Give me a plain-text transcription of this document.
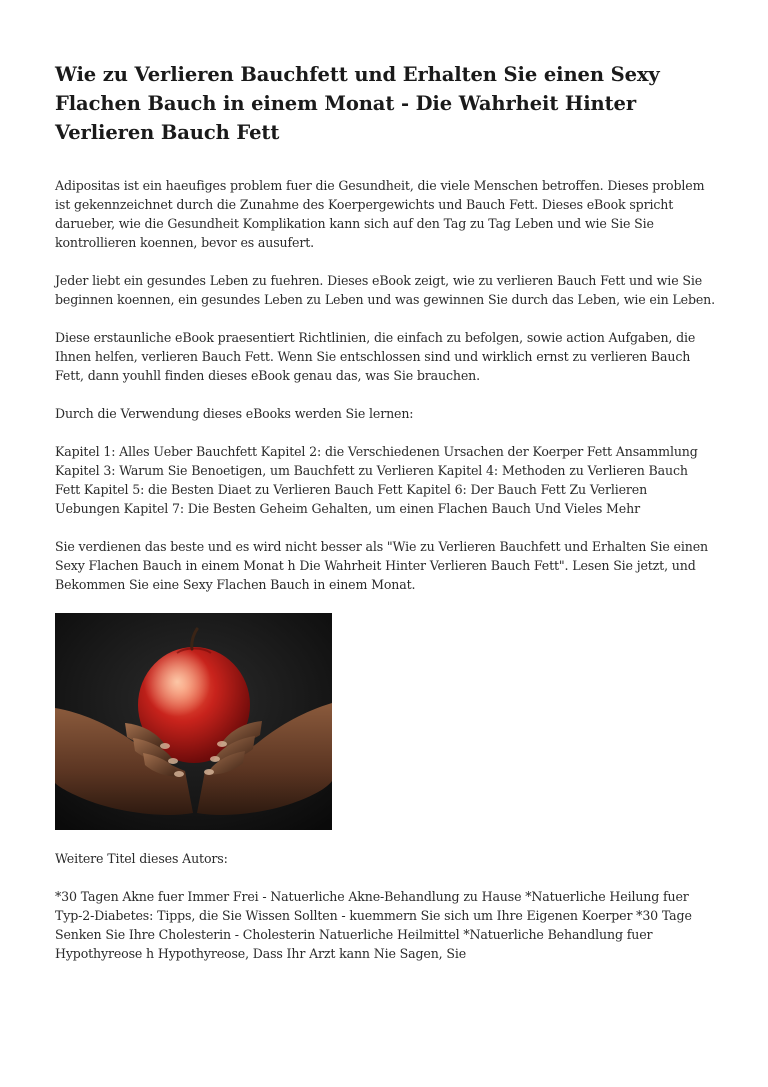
Wie zu Verlieren Bauchfett und Erhalten Sie einen Sexy Flachen Bauch in einem Monat - Die Wahrheit Hinter Verlieren Bauch Fett

Adipositas ist ein haeufiges problem fuer die Gesundheit, die viele Menschen betroffen. Dieses problem ist gekennzeichnet durch die Zunahme des Koerpergewichts und Bauch Fett. Dieses eBook spricht darueber, wie die Gesundheit Komplikation kann sich auf den Tag zu Tag Leben und wie Sie Sie kontrollieren koennen, bevor es ausufert.

Jeder liebt ein gesundes Leben zu fuehren. Dieses eBook zeigt, wie zu verlieren Bauch Fett und wie Sie beginnen koennen, ein gesundes Leben zu Leben und was gewinnen Sie durch das Leben, wie ein Leben.

Diese erstaunliche eBook praesentiert Richtlinien, die einfach zu befolgen, sowie action Aufgaben, die Ihnen helfen, verlieren Bauch Fett. Wenn Sie entschlossen sind und wirklich ernst zu verlieren Bauch Fett, dann youhll finden dieses eBook genau das, was Sie brauchen.

Durch die Verwendung dieses eBooks werden Sie lernen:

Kapitel 1: Alles Ueber Bauchfett Kapitel 2: die Verschiedenen Ursachen der Koerper Fett Ansammlung Kapitel 3: Warum Sie Benoetigen, um Bauchfett zu Verlieren Kapitel 4: Methoden zu Verlieren Bauch Fett Kapitel 5: die Besten Diaet zu Verlieren Bauch Fett Kapitel 6: Der Bauch Fett Zu Verlieren Uebungen Kapitel 7: Die Besten Geheim Gehalten, um einen Flachen Bauch Und Vieles Mehr

Sie verdienen das beste und es wird nicht besser als "Wie zu Verlieren Bauchfett und Erhalten Sie einen Sexy Flachen Bauch in einem Monat h Die Wahrheit Hinter Verlieren Bauch Fett". Lesen Sie jetzt, und Bekommen Sie eine Sexy Flachen Bauch in einem Monat.

Weitere Titel dieses Autors:

*30 Tagen Akne fuer Immer Frei - Natuerliche Akne-Behandlung zu Hause *Natuerliche Heilung fuer Typ-2-Diabetes: Tipps, die Sie Wissen Sollten - kuemmern Sie sich um Ihre Eigenen Koerper *30 Tage Senken Sie Ihre Cholesterin - Cholesterin Natuerliche Heilmittel *Natuerliche Behandlung fuer Hypothyreose h Hypothyreose, Dass Ihr Arzt kann Nie Sagen, Sie
